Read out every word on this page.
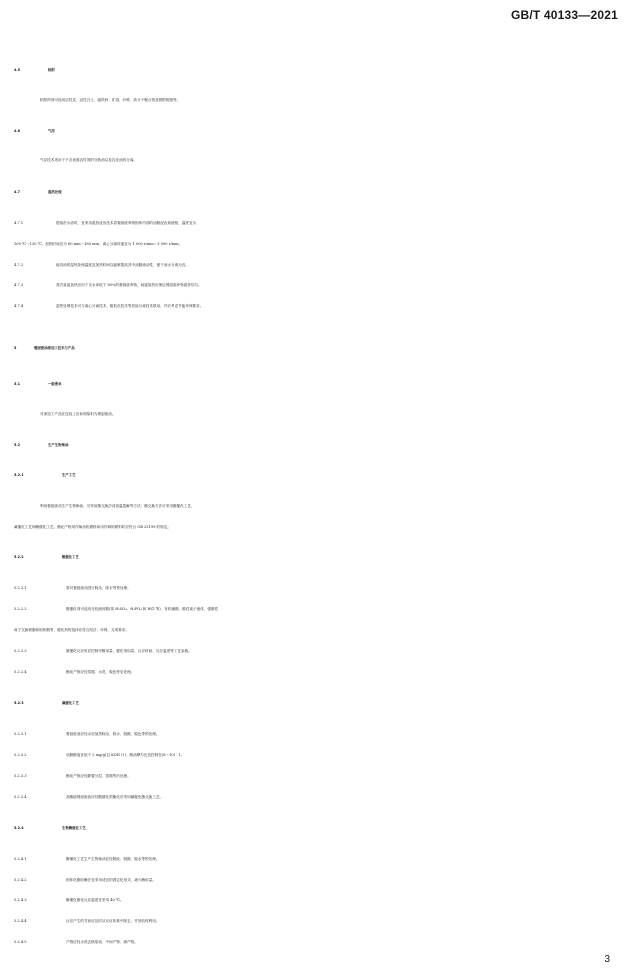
GB/T 40133—2021
4.5	粘附
粘附药剂可选用活性炭、活性白土、磁铁砂、矿渣、纤维、高分子聚合物及吸附树脂等。
4.6	气浮
气浮技术适用于不含表面活性剂的分散油以及乳化油的分离。
4.7	湿热处理
4.7.1	提取泔水油时，宜采用湿热浸出技术将餐厨废弃物固体内部的油脂浸出到液相，温度宜为
100 ℃～130 ℃，加热时间宜为 60 min～180 min，离心分离转速宜为 1 000 r/min～3 000 r/min。
4.7.2	地沟油的湿热处理温度及加热时间以能够提高其中油脂流动性、便于油水分离为宜。
4.7.3	蒸汽直接加热宜用于含水率低于 85%的餐厨废弃物，间接加热应保证餐厨废弃物搅拌均匀。
4.7.4	湿热处理技术可与离心分离技术、粗粒化技术等其他分离技术联用，并应考虑节能环保要求。
5	餐厨废油深加工技术与产品
5.1	一般要求
对深加工产品在包装上应标明原料为餐厨废油。
5.2	生产生物柴油
5.2.1	生产工艺
利用餐厨废油生产生物柴油，可采用酯交换法或高温裂解等方法。酯交换方法可采用酸催化工艺、
碱催化工艺和酶催化工艺。酯化产物用作柴油机燃料和用作调和燃料时应符合 GB 25199 的规定。
5.2.2	酸催化工艺
5.2.2.1	需对餐厨废油进行除杂、除水等预处理。
5.2.2.2	酸催化剂可选用无机液体酸(浓 H₂SO₄、H₃PO₄ 和 HCl 等)、有机磺酸、酸性离子液体、强酸性
离子交换树脂和固体酸等，催化剂的选择应符合经济、环保、无毒要求。
5.2.2.3	酸催化反应时应控制甲醇用量、催化剂用量、反应时间、反应温度等工艺参数。
5.2.2.4	酯化产物应经蒸馏、水洗、脱色等后处理。
5.2.3	碱催化工艺
5.2.3.1	餐厨废油应经水浴加热除杂、除水、脱酸、脱色等预处理。
5.2.3.2	油脂酸值宜低于 2 mg/g(以 KOH 计)，醇油摩尔比宜控制在(6～10)∶1。
5.2.3.3	酯化产物应经静置分层、蒸馏等后处理。
5.2.3.4	高酸值餐厨废油应经酸催化预酯化后采用碱催化酯交换工艺。
5.2.4	生物酶催化工艺
5.2.4.1	酶催化工艺生产生物柴油应经脱胶、脱酸、脱水等预处理。
5.2.4.2	固体化脂肪酶法宜采用适宜的固定化形式，减少酶用量。
5.2.4.3	酶催化脂化反应温度宜采用 40 ℃。
5.2.4.4	反应产生的甘油应及时从反应体系中除去，并回收再利用。
5.2.4.5	产物应经水洗去除原油、中间产物、副产物。
3
